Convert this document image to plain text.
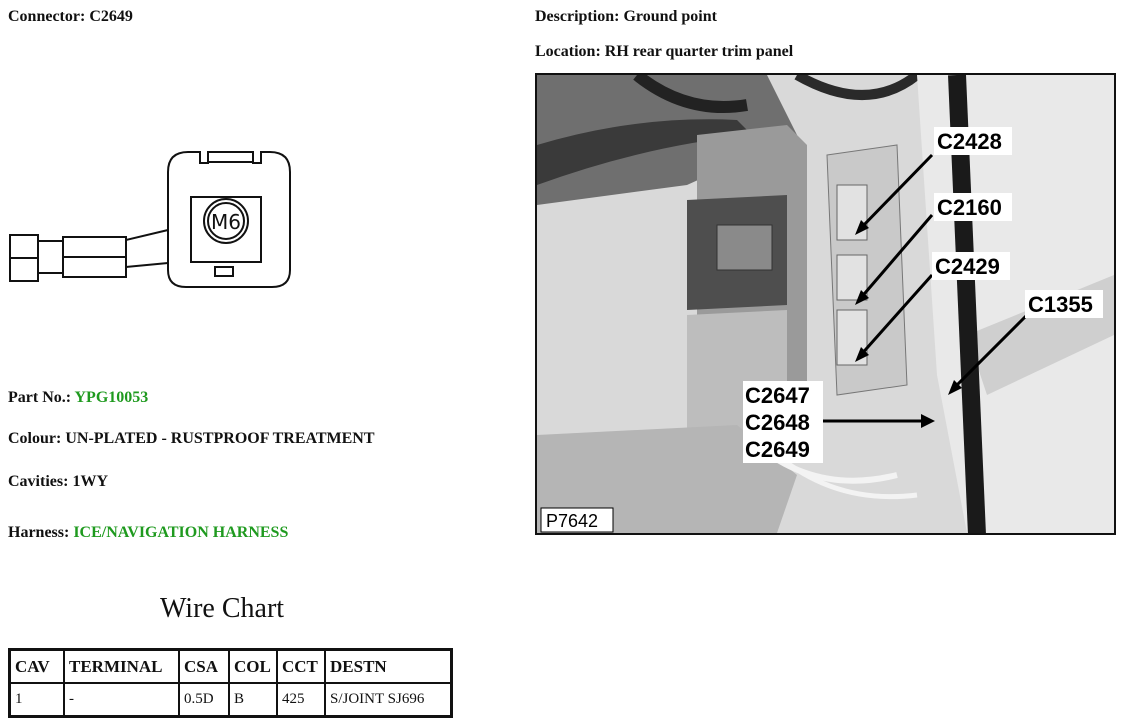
Connector: C2649	Description: Ground point
Location: RH rear quarter trim panel
M6
Part No.: YPG10053
Colour: UN-PLATED - RUSTPROOF TREATMENT
Cavities: 1WY
Harness: ICE/NAVIGATION HARNESS
C2428
C2160
C2429
C1355
C2647
C2648
C2649
P7642
Wire Chart
CAV	TERMINAL	CSA	COL	CCT	DESTN
1	-	0.5D	B	425	S/JOINT SJ696
